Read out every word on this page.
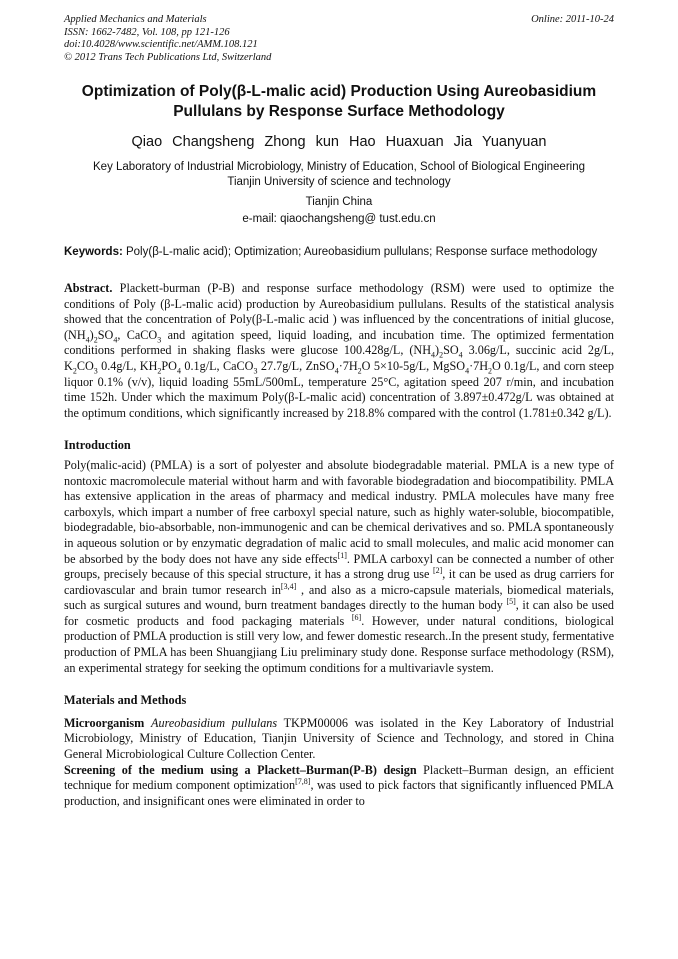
Applied Mechanics and Materials
ISSN: 1662-7482, Vol. 108, pp 121-126
doi:10.4028/www.scientific.net/AMM.108.121
© 2012 Trans Tech Publications Ltd, Switzerland
Online: 2011-10-24
Optimization of Poly(β-L-malic acid) Production Using Aureobasidium Pullulans by Response Surface Methodology
Qiao Changsheng Zhong kun Hao Huaxuan Jia Yuanyuan
Key Laboratory of Industrial Microbiology, Ministry of Education, School of Biological Engineering
Tianjin University of science and technology
Tianjin China
e-mail: qiaochangsheng@ tust.edu.cn
Keywords: Poly(β-L-malic acid); Optimization; Aureobasidium pullulans; Response surface methodology
Abstract. Plackett-burman (P-B) and response surface methodology (RSM) were used to optimize the conditions of Poly (β-L-malic acid) production by Aureobasidium pullulans. Results of the statistical analysis showed that the concentration of Poly(β-L-malic acid ) was influenced by the concentrations of initial glucose, $(NH_4)_2SO_4$, CaCO$_3$ and agitation speed, liquid loading, and incubation time. The optimized fermentation conditions performed in shaking flasks were glucose 100.428g/L, $(NH_4)_2SO_4$ 3.06g/L, succinic acid 2g/L, $K_2CO_3$ 0.4g/L, $KH_2PO_4$ 0.1g/L, CaCO$_3$ 27.7g/L, $ZnSO_4\cdot 7H_2O$ 5×10-5g/L, $MgSO_4\cdot 7H_2O$ 0.1g/L, and corn steep liquor 0.1% (v/v), liquid loading 55mL/500mL, temperature 25°C, agitation speed 207 r/min, and incubation time 152h. Under which the maximum Poly(β-L-malic acid) concentration of 3.897±0.472g/L was obtained at the optimum conditions, which significantly increased by 218.8% compared with the control (1.781±0.342 g/L).
Introduction
Poly(malic-acid) (PMLA) is a sort of polyester and absolute biodegradable material. PMLA is a new type of nontoxic macromolecule material without harm and with favorable biodegradation and biocompatibility. PMLA has extensive application in the areas of pharmacy and medical industry. PMLA molecules have many free carboxyls, which impart a number of free carboxyl special nature, such as highly water-soluble, biocompatible, biodegradable, bio-absorbable, non-immunogenic and can be chemical derivatives and so. PMLA spontaneously in aqueous solution or by enzymatic degradation of malic acid to small molecules, and malic acid monomer can be absorbed by the body does not have any side effects[1]. PMLA carboxyl can be connected a number of other groups, precisely because of this special structure, it has a strong drug use [2], it can be used as drug carriers for cardiovascular and brain tumor research in[3,4] , and also as a micro-capsule materials, biomedical materials, such as surgical sutures and wound, burn treatment bandages directly to the human body [5], it can also be used for cosmetic products and food packaging materials [6]. However, under natural conditions, biological production of PMLA production is still very low, and fewer domestic research..In the present study, fermentative production of PMLA has been Shuangjiang Liu preliminary study done. Response surface methodology (RSM), an experimental strategy for seeking the optimum conditions for a multivariavle system.
Materials and Methods
Microorganism Aureobasidium pullulans TKPM00006 was isolated in the Key Laboratory of Industrial Microbiology, Ministry of Education, Tianjin University of Science and Technology, and stored in China General Microbiological Culture Collection Center.
Screening of the medium using a Plackett–Burman(P-B) design Plackett–Burman design, an efficient technique for medium component optimization[7,8], was used to pick factors that significantly influenced PMLA production, and insignificant ones were eliminated in order to
